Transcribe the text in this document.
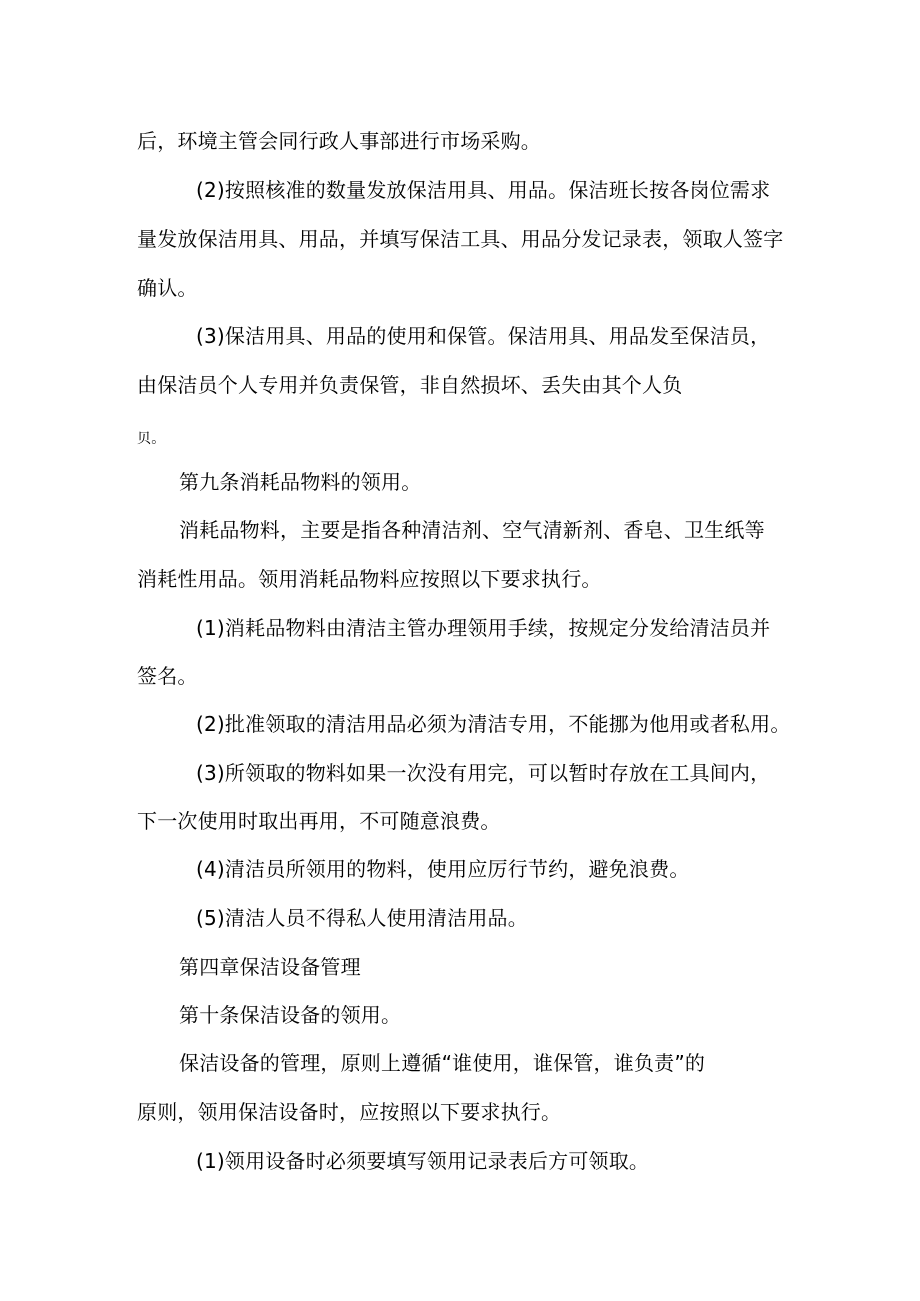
后，环境主管会同行政人事部进行市场采购。
(2)按照核准的数量发放保洁用具、用品。保洁班长按各岗位需求
量发放保洁用具、用品，并填写保洁工具、用品分发记录表，领取人签字
确认。
(3)保洁用具、用品的使用和保管。保洁用具、用品发至保洁员，
由保洁员个人专用并负责保管，非自然损坏、丢失由其个人负
贝。
第九条消耗品物料的领用。
消耗品物料，主要是指各种清洁剂、空气清新剂、香皂、卫生纸等
消耗性用品。领用消耗品物料应按照以下要求执行。
(1)消耗品物料由清洁主管办理领用手续，按规定分发给清洁员并
签名。
(2)批准领取的清洁用品必须为清洁专用，不能挪为他用或者私用。
(3)所领取的物料如果一次没有用完，可以暂时存放在工具间内，
下一次使用时取出再用，不可随意浪费。
(4)清洁员所领用的物料，使用应厉行节约，避免浪费。
(5)清洁人员不得私人使用清洁用品。
第四章保洁设备管理
第十条保洁设备的领用。
保洁设备的管理，原则上遵循“谁使用，谁保管，谁负责”的
原则，领用保洁设备时，应按照以下要求执行。
(1)领用设备时必须要填写领用记录表后方可领取。
